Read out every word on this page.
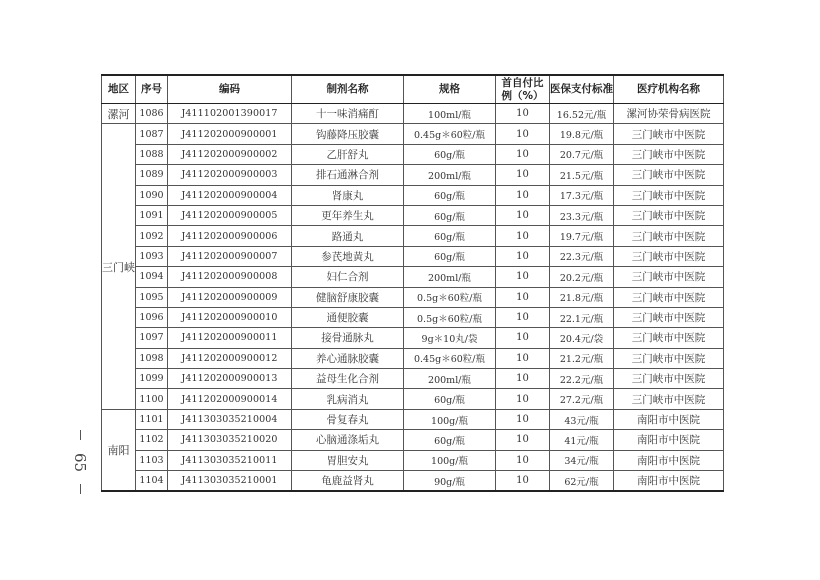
65
地区	序号	编码	制剂名称	规格	首自付比例（%）	医保支付标准	医疗机构名称
漯河	1086	J411102001390017	十一味消痛酊	100ml/瓶	10	16.52元/瓶	漯河协荣骨病医院
三门峡	1087	J411202000900001	钩藤降压胶囊	0.45g＊60粒/瓶	10	19.8元/瓶	三门峡市中医院
	1088	J411202000900002	乙肝舒丸	60g/瓶	10	20.7元/瓶	三门峡市中医院
	1089	J411202000900003	排石通淋合剂	200ml/瓶	10	21.5元/瓶	三门峡市中医院
	1090	J411202000900004	肾康丸	60g/瓶	10	17.3元/瓶	三门峡市中医院
	1091	J411202000900005	更年养生丸	60g/瓶	10	23.3元/瓶	三门峡市中医院
	1092	J411202000900006	路通丸	60g/瓶	10	19.7元/瓶	三门峡市中医院
	1093	J411202000900007	参芪地黄丸	60g/瓶	10	22.3元/瓶	三门峡市中医院
	1094	J411202000900008	妇仁合剂	200ml/瓶	10	20.2元/瓶	三门峡市中医院
	1095	J411202000900009	健脑舒康胶囊	0.5g＊60粒/瓶	10	21.8元/瓶	三门峡市中医院
	1096	J411202000900010	通便胶囊	0.5g＊60粒/瓶	10	22.1元/瓶	三门峡市中医院
	1097	J411202000900011	接骨通脉丸	9g＊10丸/袋	10	20.4元/袋	三门峡市中医院
	1098	J411202000900012	养心通脉胶囊	0.45g＊60粒/瓶	10	21.2元/瓶	三门峡市中医院
	1099	J411202000900013	益母生化合剂	200ml/瓶	10	22.2元/瓶	三门峡市中医院
	1100	J411202000900014	乳病消丸	60g/瓶	10	27.2元/瓶	三门峡市中医院
南阳	1101	J411303035210004	骨复春丸	100g/瓶	10	43元/瓶	南阳市中医院
	1102	J411303035210020	心脑通涤垢丸	60g/瓶	10	41元/瓶	南阳市中医院
	1103	J411303035210011	胃胆安丸	100g/瓶	10	34元/瓶	南阳市中医院
	1104	J411303035210001	龟鹿益肾丸	90g/瓶	10	62元/瓶	南阳市中医院
